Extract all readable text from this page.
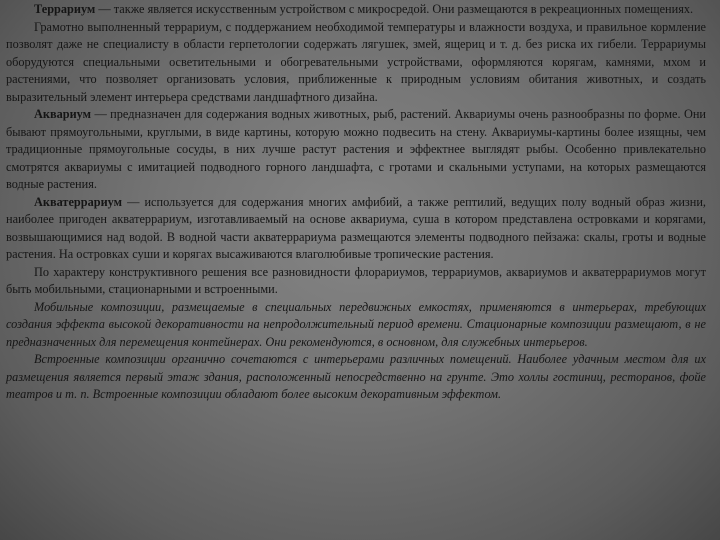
Террариум — также является искусственным устройством с микросредой. Они размещаются в рекреационных помещениях.

Грамотно выполненный террариум, с поддержанием необходимой температуры и влажности воздуха, и правильное кормление позволят даже не специалисту в области герпетологии содержать лягушек, змей, ящериц и т. д. без риска их гибели. Террариумы оборудуются специальными осветительными и обогревательными устройствами, оформляются корягам, камнями, мхом и растениями, что позволяет организовать условия, приближенные к природным условиям обитания животных, и создать выразительный элемент интерьера средствами ландшафтного дизайна.

Аквариум — предназначен для содержания водных животных, рыб, растений. Аквариумы очень разнообразны по форме. Они бывают прямоугольными, круглыми, в виде картины, которую можно подвесить на стену. Аквариумы-картины более изящны, чем традиционные прямоугольные сосуды, в них лучше растут растения и эффектнее выглядят рыбы. Особенно привлекательно смотрятся аквариумы с имитацией подводного горного ландшафта, с гротами и скальными уступами, на которых размещаются водные растения.

Акватеррариум — используется для содержания многих амфибий, а также рептилий, ведущих полу водный образ жизни, наиболее пригоден акватеррариум, изготавливаемый на основе аквариума, суша в котором представлена островками и корягами, возвышающимися над водой. В водной части акватеррариума размещаются элементы подводного пейзажа: скалы, гроты и водные растения. На островках суши и корягах высаживаются влаголюбивые тропические растения.

По характеру конструктивного решения все разновидности флорариумов, террариумов, аквариумов и акватеррариумов могут быть мобильными, стационарными и встроенными.

Мобильные композиции, размещаемые в специальных передвижных емкостях, применяются в интерьерах, требующих создания эффекта высокой декоративности на непродолжительный период времени. Стационарные композиции размещают, в не предназначенных для перемещения контейнерах. Они рекомендуются, в основном, для служебных интерьеров.

Встроенные композиции органично сочетаются с интерьерами различных помещений. Наиболее удачным местом для их размещения является первый этаж здания, расположенный непосредственно на грунте. Это холлы гостиниц, ресторанов, фойе театров и т. п. Встроенные композиции обладают более высоким декоративным эффектом.
